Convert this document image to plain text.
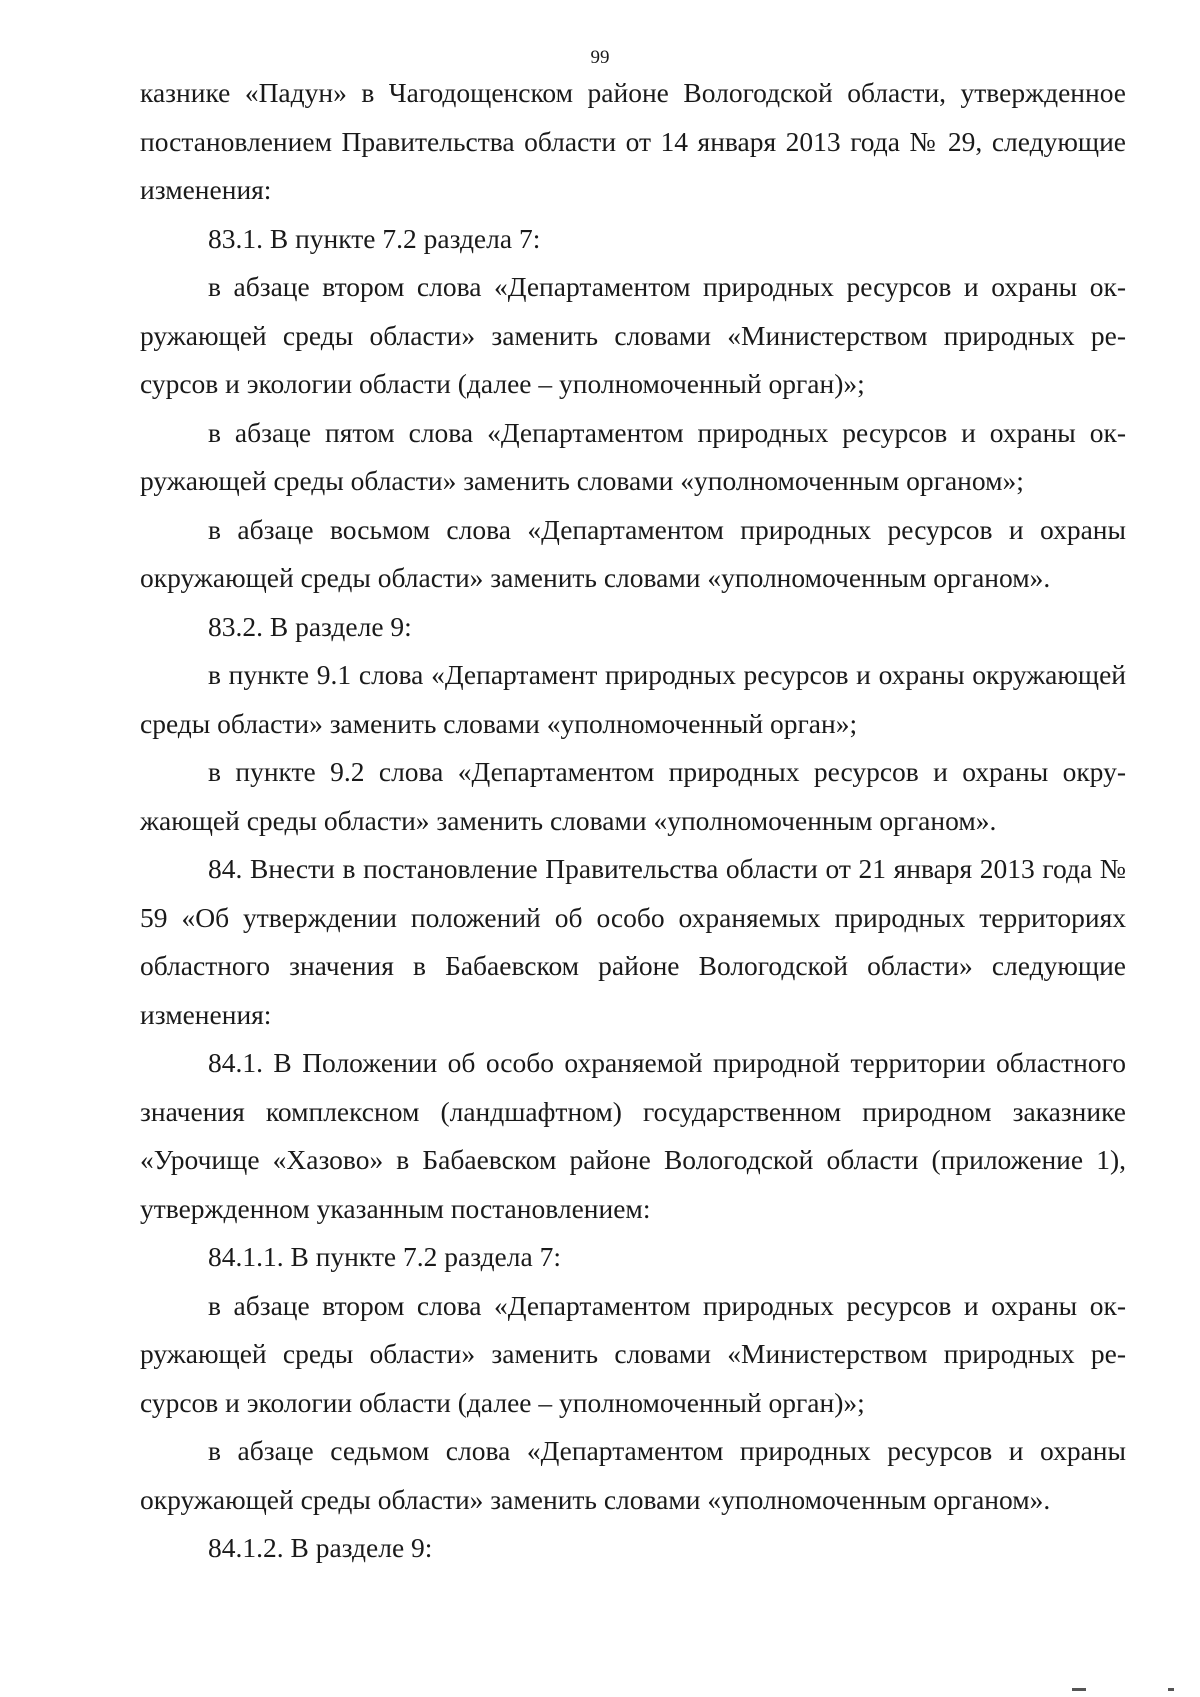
99

казнике «Падун» в Чагодощенском районе Вологодской области, утвержденное постановлением Правительства области от 14 января 2013 года № 29, следующие изменения:

83.1. В пункте 7.2 раздела 7:

в абзаце втором слова «Департаментом природных ресурсов и охраны окружающей среды области» заменить словами «Министерством природных ресурсов и экологии области (далее – уполномоченный орган)»;

в абзаце пятом слова «Департаментом природных ресурсов и охраны окружающей среды области» заменить словами «уполномоченным органом»;

в абзаце восьмом слова «Департаментом природных ресурсов и охраны окружающей среды области» заменить словами «уполномоченным органом».

83.2. В разделе 9:

в пункте 9.1 слова «Департамент природных ресурсов и охраны окружающей среды области» заменить словами «уполномоченный орган»;

в пункте 9.2 слова «Департаментом природных ресурсов и охраны окружающей среды области» заменить словами «уполномоченным органом».

84. Внести в постановление Правительства области от 21 января 2013 года № 59 «Об утверждении положений об особо охраняемых природных территориях областного значения в Бабаевском районе Вологодской области» следующие изменения:

84.1. В Положении об особо охраняемой природной территории областного значения комплексном (ландшафтном) государственном природном заказнике «Урочище «Хазово» в Бабаевском районе Вологодской области (приложение 1), утвержденном указанным постановлением:

84.1.1. В пункте 7.2 раздела 7:

в абзаце втором слова «Департаментом природных ресурсов и охраны окружающей среды области» заменить словами «Министерством природных ресурсов и экологии области (далее – уполномоченный орган)»;

в абзаце седьмом слова «Департаментом природных ресурсов и охраны окружающей среды области» заменить словами «уполномоченным органом».

84.1.2. В разделе 9:
